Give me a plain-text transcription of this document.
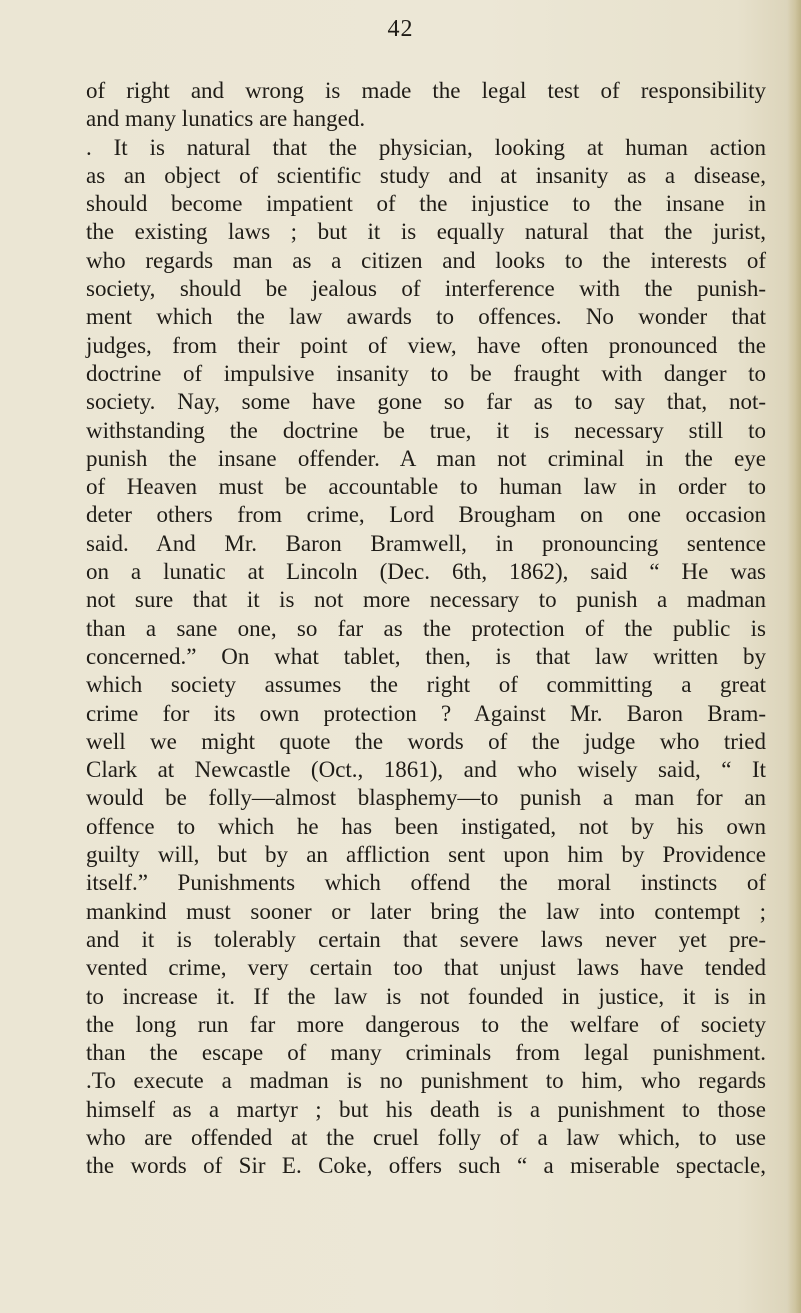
42
of right and wrong is made the legal test of responsibility
and many lunatics are hanged.
. It is natural that the physician, looking at human action
as an object of scientific study and at insanity as a disease,
should become impatient of the injustice to the insane in
the existing laws ; but it is equally natural that the jurist,
who regards man as a citizen and looks to the interests of
society, should be jealous of interference with the punish-
ment which the law awards to offences. No wonder that
judges, from their point of view, have often pronounced the
doctrine of impulsive insanity to be fraught with danger to
society. Nay, some have gone so far as to say that, not-
withstanding the doctrine be true, it is necessary still to
punish the insane offender. A man not criminal in the eye
of Heaven must be accountable to human law in order to
deter others from crime, Lord Brougham on one occasion
said. And Mr. Baron Bramwell, in pronouncing sentence
on a lunatic at Lincoln (Dec. 6th, 1862), said “ He was
not sure that it is not more necessary to punish a madman
than a sane one, so far as the protection of the public is
concerned.” On what tablet, then, is that law written by
which society assumes the right of committing a great
crime for its own protection ? Against Mr. Baron Bram-
well we might quote the words of the judge who tried
Clark at Newcastle (Oct., 1861), and who wisely said, “ It
would be folly—almost blasphemy—to punish a man for an
offence to which he has been instigated, not by his own
guilty will, but by an affliction sent upon him by Providence
itself.” Punishments which offend the moral instincts of
mankind must sooner or later bring the law into contempt ;
and it is tolerably certain that severe laws never yet pre-
vented crime, very certain too that unjust laws have tended
to increase it. If the law is not founded in justice, it is in
the long run far more dangerous to the welfare of society
than the escape of many criminals from legal punishment.
.To execute a madman is no punishment to him, who regards
himself as a martyr ; but his death is a punishment to those
who are offended at the cruel folly of a law which, to use
the words of Sir E. Coke, offers such “ a miserable spectacle,
